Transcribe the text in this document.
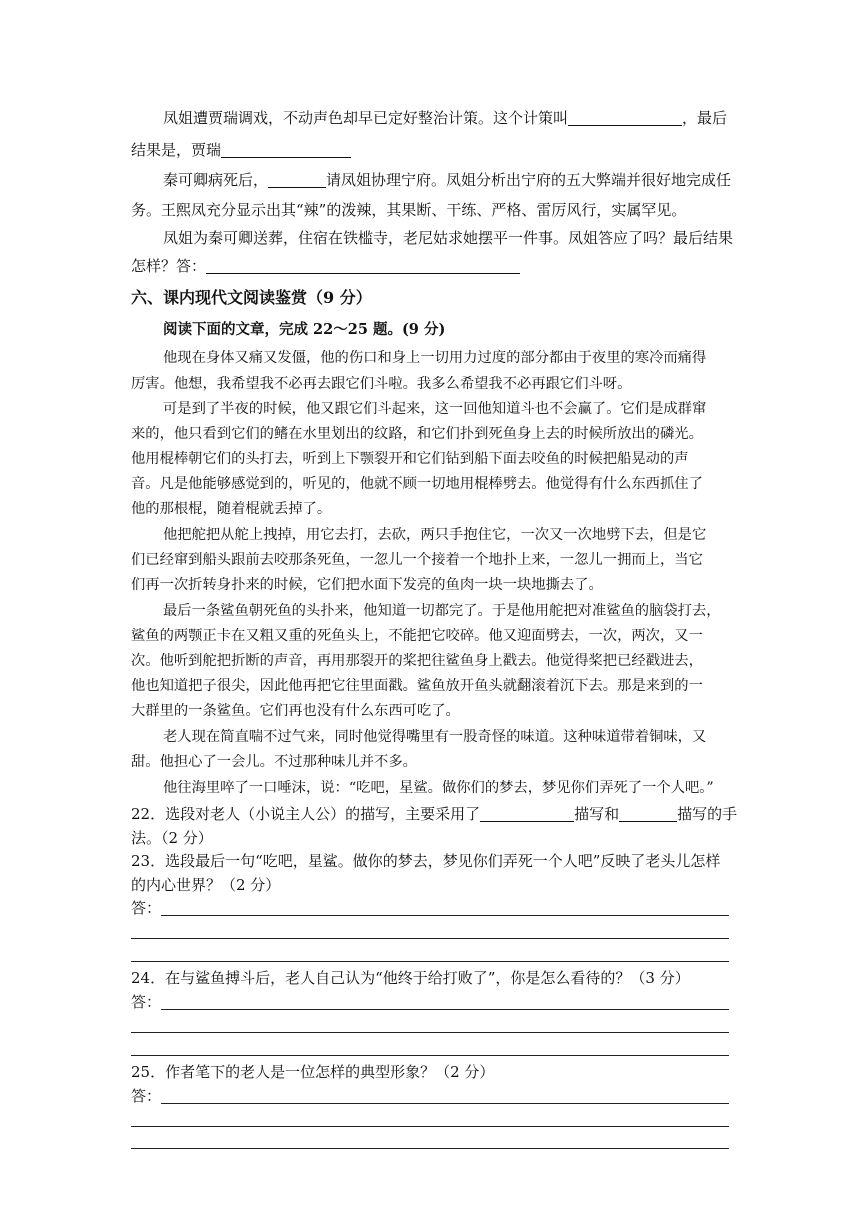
凤姐遭贾瑞调戏，不动声色却早已定好整治计策。这个计策叫	，最后
结果是，贾瑞
秦可卿病死后，	请凤姐协理宁府。凤姐分析出宁府的五大弊端并很好地完成任
务。王熙凤充分显示出其“辣”的泼辣，其果断、干练、严格、雷厉风行，实属罕见。
凤姐为秦可卿送葬，住宿在铁槛寺，老尼姑求她摆平一件事。凤姐答应了吗？最后结果
怎样？答：
六、课内现代文阅读鉴赏（9 分）
阅读下面的文章，完成 22～25 题。(9 分)
他现在身体又痛又发僵，他的伤口和身上一切用力过度的部分都由于夜里的寒冷而痛得
厉害。他想，我希望我不必再去跟它们斗啦。我多么希望我不必再跟它们斗呀。
可是到了半夜的时候，他又跟它们斗起来，这一回他知道斗也不会赢了。它们是成群窜
来的，他只看到它们的鳍在水里划出的纹路，和它们扑到死鱼身上去的时候所放出的磷光。
他用棍棒朝它们的头打去，听到上下颚裂开和它们钻到船下面去咬鱼的时候把船晃动的声
音。凡是他能够感觉到的，听见的，他就不顾一切地用棍棒劈去。他觉得有什么东西抓住了
他的那根棍，随着棍就丢掉了。
他把舵把从舵上拽掉，用它去打，去砍，两只手抱住它，一次又一次地劈下去，但是它
们已经窜到船头跟前去咬那条死鱼，一忽儿一个接着一个地扑上来，一忽儿一拥而上，当它
们再一次折转身扑来的时候，它们把水面下发亮的鱼肉一块一块地撕去了。
最后一条鲨鱼朝死鱼的头扑来，他知道一切都完了。于是他用舵把对准鲨鱼的脑袋打去，
鲨鱼的两颚正卡在又粗又重的死鱼头上，不能把它咬碎。他又迎面劈去，一次，两次，又一
次。他听到舵把折断的声音，再用那裂开的桨把往鲨鱼身上戳去。他觉得桨把已经戳进去，
他也知道把子很尖，因此他再把它往里面戳。鲨鱼放开鱼头就翻滚着沉下去。那是来到的一
大群里的一条鲨鱼。它们再也没有什么东西可吃了。
老人现在简直喘不过气来，同时他觉得嘴里有一股奇怪的味道。这种味道带着铜味，又
甜。他担心了一会儿。不过那种味儿并不多。
他往海里啐了一口唾沫，说：“吃吧，星鲨。做你们的梦去，梦见你们弄死了一个人吧。”
22．选段对老人（小说主人公）的描写，主要采用了	描写和	描写的手
法。（2 分）
23．选段最后一句“吃吧，星鲨。做你的梦去，梦见你们弄死一个人吧”反映了老头儿怎样
的内心世界？（2 分）
答：
24．在与鲨鱼搏斗后，老人自己认为“他终于给打败了”，你是怎么看待的？（3 分）
答：
25．作者笔下的老人是一位怎样的典型形象？（2 分）
答：
